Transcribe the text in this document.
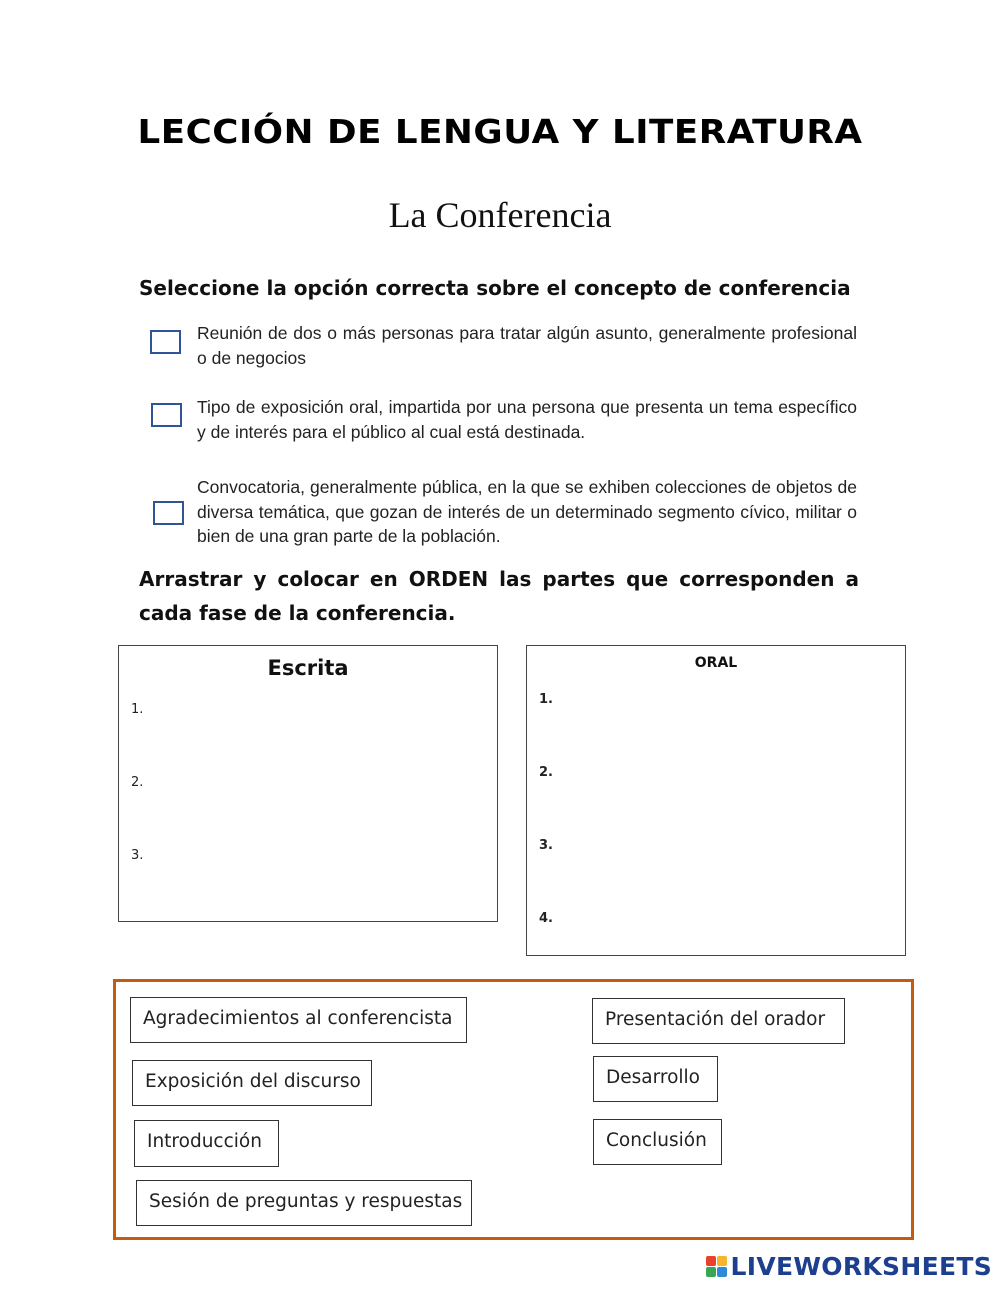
LECCIÓN DE LENGUA Y LITERATURA
La Conferencia
Seleccione la opción correcta sobre el concepto de conferencia
Reunión de dos o más personas para tratar algún asunto, generalmente profesional o de negocios
Tipo de exposición oral, impartida por una persona que presenta un tema específico y de interés para el público al cual está destinada.
Convocatoria, generalmente pública, en la que se exhiben colecciones de objetos de diversa temática, que gozan de interés de un determinado segmento cívico, militar o bien de una gran parte de la población.
Arrastrar y colocar en ORDEN las partes que corresponden a cada fase de la conferencia.
Escrita
1.
2.
3.
ORAL
1.
2.
3.
4.
Agradecimientos al conferencista
Exposición del discurso
Introducción
Sesión de preguntas y respuestas
Presentación del orador
Desarrollo
Conclusión
LIVEWORKSHEETS
